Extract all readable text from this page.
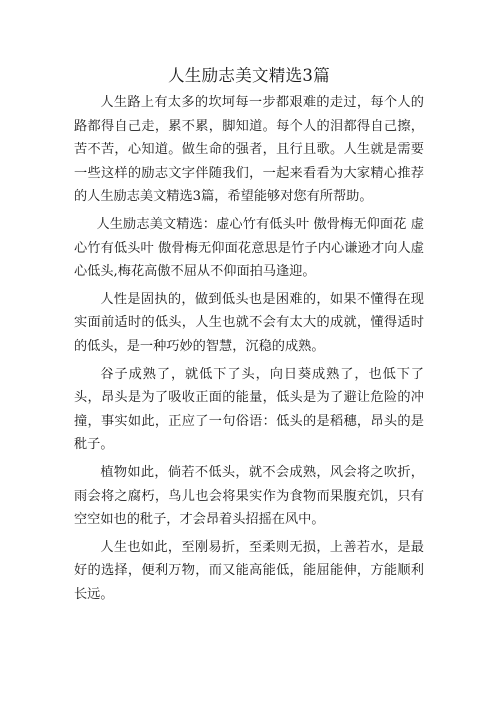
人生励志美文精选3篇

人生路上有太多的坎坷每一步都艰难的走过，每个人的路都得自己走，累不累，脚知道。每个人的泪都得自己擦，苦不苦，心知道。做生命的强者，且行且歌。人生就是需要一些这样的励志文字伴随我们，一起来看看为大家精心推荐的人生励志美文精选3篇，希望能够对您有所帮助。

人生励志美文精选：虚心竹有低头叶 傲骨梅无仰面花 虚心竹有低头叶 傲骨梅无仰面花意思是竹子内心谦逊才向人虚心低头,梅花高傲不屈从不仰面拍马逢迎。

人性是固执的，做到低头也是困难的，如果不懂得在现实面前适时的低头，人生也就不会有太大的成就，懂得适时的低头，是一种巧妙的智慧，沉稳的成熟。

谷子成熟了，就低下了头，向日葵成熟了，也低下了头，昂头是为了吸收正面的能量，低头是为了避让危险的冲撞，事实如此，正应了一句俗语：低头的是稻穗，昂头的是秕子。

植物如此，倘若不低头，就不会成熟，风会将之吹折，雨会将之腐朽，鸟儿也会将果实作为食物而果腹充饥，只有空空如也的秕子，才会昂着头招摇在风中。

人生也如此，至刚易折，至柔则无损，上善若水，是最好的选择，便利万物，而又能高能低，能屈能伸，方能顺利长远。
